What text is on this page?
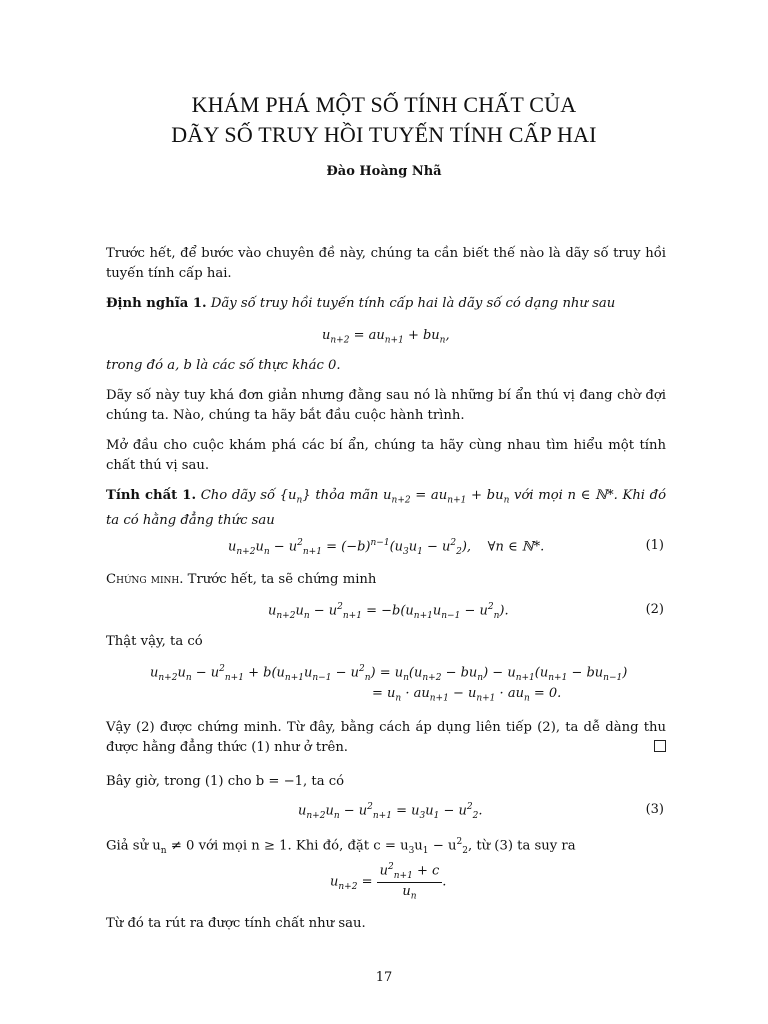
KHÁM PHÁ MỘT SỐ TÍNH CHẤT CỦA
DÃY SỐ TRUY HỒI TUYẾN TÍNH CẤP HAI
Đào Hoàng Nhã
Trước hết, để bước vào chuyên đề này, chúng ta cần biết thế nào là dãy số truy hồi tuyến tính cấp hai.
Định nghĩa 1. Dãy số truy hồi tuyến tính cấp hai là dãy số có dạng như sau
$u_{n+2} = au_{n+1} + bu_n$,
trong đó a, b là các số thực khác 0.
Dãy số này tuy khá đơn giản nhưng đằng sau nó là những bí ẩn thú vị đang chờ đợi chúng ta. Nào, chúng ta hãy bắt đầu cuộc hành trình.
Mở đầu cho cuộc khám phá các bí ẩn, chúng ta hãy cùng nhau tìm hiểu một tính chất thú vị sau.
Tính chất 1. Cho dãy số $\{u_n\}$ thỏa mãn $u_{n+2} = au_{n+1} + bu_n$ với mọi n ∈ ℕ*. Khi đó ta có hằng đẳng thức sau
$u_{n+2}u_n - u^2_{n+1} = (-b)^{n-1}(u_3u_1 - u^2_2)$,    ∀n ∈ ℕ*.	(1)
Chứng minh. Trước hết, ta sẽ chứng minh
$u_{n+2}u_n - u^2_{n+1} = -b(u_{n+1}u_{n-1} - u^2_n)$.	(2)
Thật vậy, ta có
$u_{n+2}u_n - u^2_{n+1} + b(u_{n+1}u_{n-1} - u^2_n) = u_n(u_{n+2} - bu_n) - u_{n+1}(u_{n+1} - bu_{n-1})$
= $u_n \cdot au_{n+1} - u_{n+1} \cdot au_n = 0$.
Vậy (2) được chứng minh. Từ đây, bằng cách áp dụng liên tiếp (2), ta dễ dàng thu được hằng đẳng thức (1) như ở trên.
Bây giờ, trong (1) cho b = −1, ta có
$u_{n+2}u_n - u^2_{n+1} = u_3u_1 - u^2_2$.	(3)
Giả sử $u_n \ne 0$ với mọi n ≥ 1. Khi đó, đặt $c = u_3u_1 - u^2_2$, từ (3) ta suy ra
$u_{n+2} = \frac{u^2_{n+1} + c}{u_n}$ .
Từ đó ta rút ra được tính chất như sau.
17
